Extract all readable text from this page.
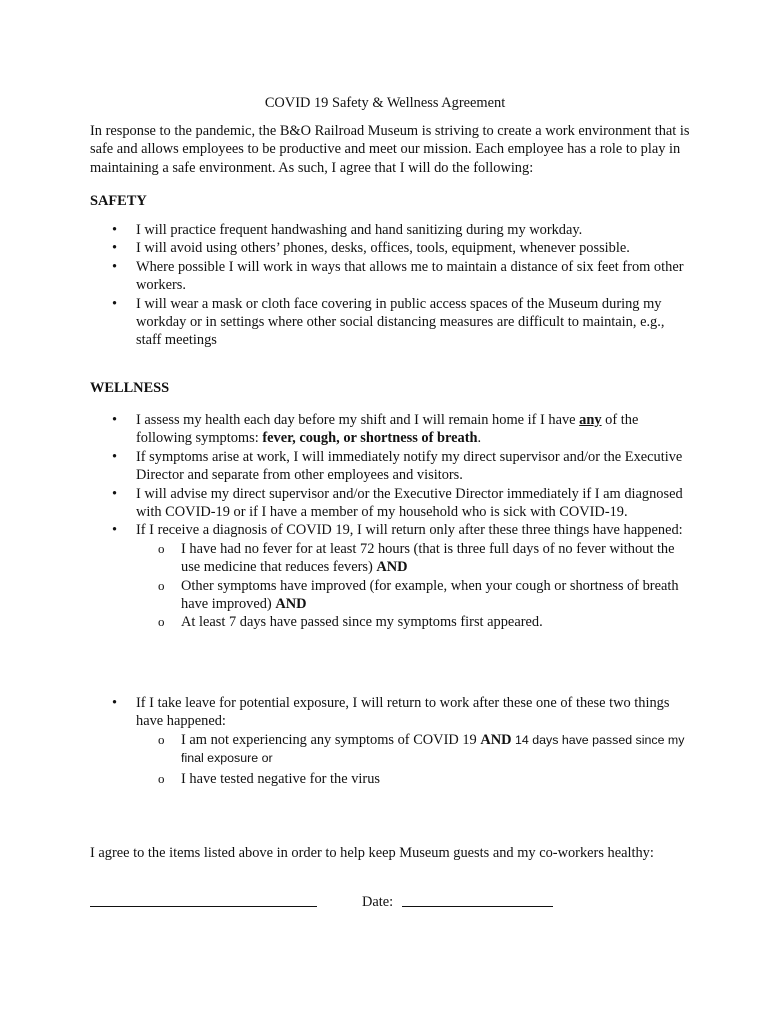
COVID 19 Safety & Wellness Agreement
In response to the pandemic, the B&O Railroad Museum is striving to create a work environment that is safe and allows employees to be productive and meet our mission. Each employee has a role to play in maintaining a safe environment. As such, I agree that I will do the following:
SAFETY
• I will practice frequent handwashing and hand sanitizing during my workday.
• I will avoid using others’ phones, desks, offices, tools, equipment, whenever possible.
• Where possible I will work in ways that allows me to maintain a distance of six feet from other workers.
• I will wear a mask or cloth face covering in public access spaces of the Museum during my workday or in settings where other social distancing measures are difficult to maintain, e.g., staff meetings
WELLNESS
• I assess my health each day before my shift and I will remain home if I have any of the following symptoms: fever, cough, or shortness of breath.
• If symptoms arise at work, I will immediately notify my direct supervisor and/or the Executive Director and separate from other employees and visitors.
• I will advise my direct supervisor and/or the Executive Director immediately if I am diagnosed with COVID-19 or if I have a member of my household who is sick with COVID-19.
• If I receive a diagnosis of COVID 19, I will return only after these three things have happened:
o I have had no fever for at least 72 hours (that is three full days of no fever without the use medicine that reduces fevers) AND
o Other symptoms have improved (for example, when your cough or shortness of breath have improved) AND
o At least 7 days have passed since my symptoms first appeared.
• If I take leave for potential exposure, I will return to work after these one of these two things have happened:
o I am not experiencing any symptoms of COVID 19 AND 14 days have passed since my final exposure or
o I have tested negative for the virus
I agree to the items listed above in order to help keep Museum guests and my co-workers healthy:
Date:
